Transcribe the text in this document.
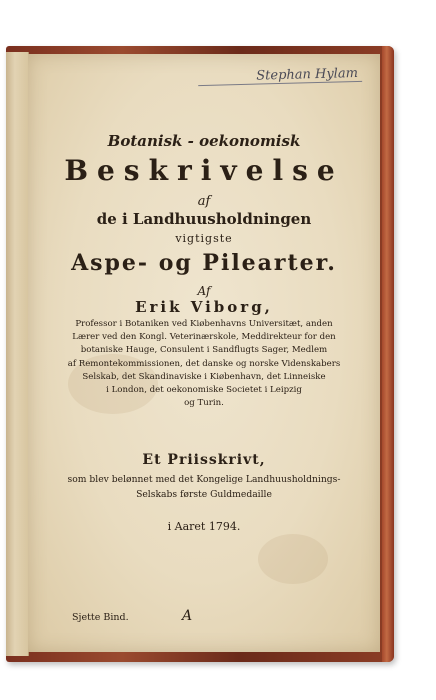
Stephan Hylam
Botanisk - oekonomisk
Beskrivelse
af
de i Landhuusholdningen
vigtigste
Aspe- og Pilearter.
Af
Erik Viborg,
Professor i Botaniken ved Kiøbenhavns Universitæt, anden
Lærer ved den Kongl. Veterinærskole, Meddirekteur for den
botaniske Hauge, Consulent i Sandflugts Sager, Medlem
af Remontekommissionen, det danske og norske Videnskabers
Selskab, det Skandinaviske i Kiøbenhavn, det Linneiske
i London, det oekonomiske Societet i Leipzig
og Turin.
Et Priisskrivt,
som blev belønnet med det Kongelige Landhuusholdnings-
Selskabs første Guldmedaille
i Aaret 1794.
Sjette Bind.	A
